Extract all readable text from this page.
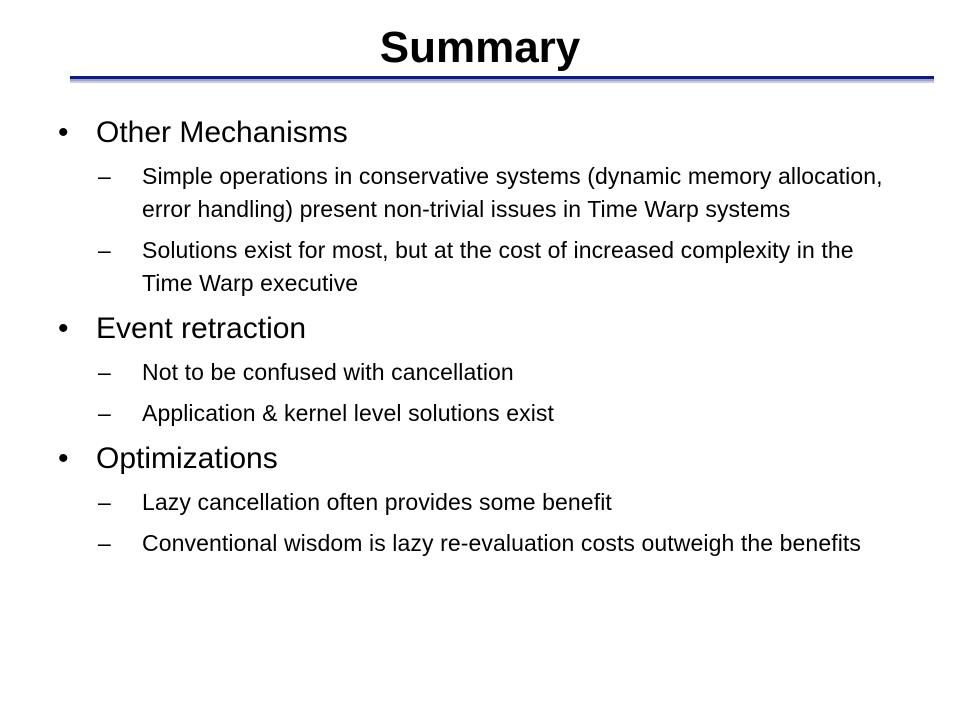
Summary
• Other Mechanisms
– Simple operations in conservative systems (dynamic memory allocation, error handling) present non-trivial issues in Time Warp systems
– Solutions exist for most, but at the cost of increased complexity in the Time Warp executive
• Event retraction
– Not to be confused with cancellation
– Application & kernel level solutions exist
• Optimizations
– Lazy cancellation often provides some benefit
– Conventional wisdom is lazy re-evaluation costs outweigh the benefits
